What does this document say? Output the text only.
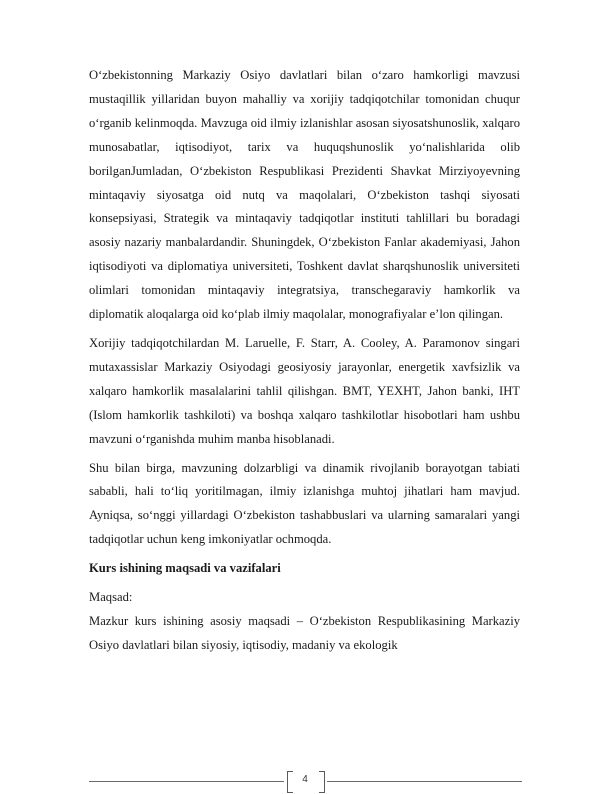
O‘zbekistonning Markaziy Osiyo davlatlari bilan o‘zaro hamkorligi mavzusi mustaqillik yillaridan buyon mahalliy va xorijiy tadqiqotchilar tomonidan chuqur o‘rganib kelinmoqda. Mavzuga oid ilmiy izlanishlar asosan siyosatshunoslik, xalqaro munosabatlar, iqtisodiyot, tarix va huquqshunoslik yo‘nalishlarida olib borilganJumladan, O‘zbekiston Respublikasi Prezidenti Shavkat Mirziyoyevning mintaqaviy siyosatga oid nutq va maqolalari, O‘zbekiston tashqi siyosati konsepsiyasi, Strategik va mintaqaviy tadqiqotlar instituti tahlillari bu boradagi asosiy nazariy manbalardandir. Shuningdek, O‘zbekiston Fanlar akademiyasi, Jahon iqtisodiyoti va diplomatiya universiteti, Toshkent davlat sharqshunoslik universiteti olimlari tomonidan mintaqaviy integratsiya, transchegaraviy hamkorlik va diplomatik aloqalarga oid ko‘plab ilmiy maqolalar, monografiyalar e’lon qilingan.

Xorijiy tadqiqotchilardan M. Laruelle, F. Starr, A. Cooley, A. Paramonov singari mutaxassislar Markaziy Osiyodagi geosiyosiy jarayonlar, energetik xavfsizlik va xalqaro hamkorlik masalalarini tahlil qilishgan. BMT, YEXHT, Jahon banki, IHT (Islom hamkorlik tashkiloti) va boshqa xalqaro tashkilotlar hisobotlari ham ushbu mavzuni o‘rganishda muhim manba hisoblanadi.

Shu bilan birga, mavzuning dolzarbligi va dinamik rivojlanib borayotgan tabiati sababli, hali to‘liq yoritilmagan, ilmiy izlanishga muhtoj jihatlari ham mavjud. Ayniqsa, so‘nggi yillardagi O‘zbekiston tashabbuslari va ularning samaralari yangi tadqiqotlar uchun keng imkoniyatlar ochmoqda.

Kurs ishining maqsadi va vazifalari

Maqsad:

Mazkur kurs ishining asosiy maqsadi – O‘zbekiston Respublikasining Markaziy Osiyo davlatlari bilan siyosiy, iqtisodiy, madaniy va ekologik

4
